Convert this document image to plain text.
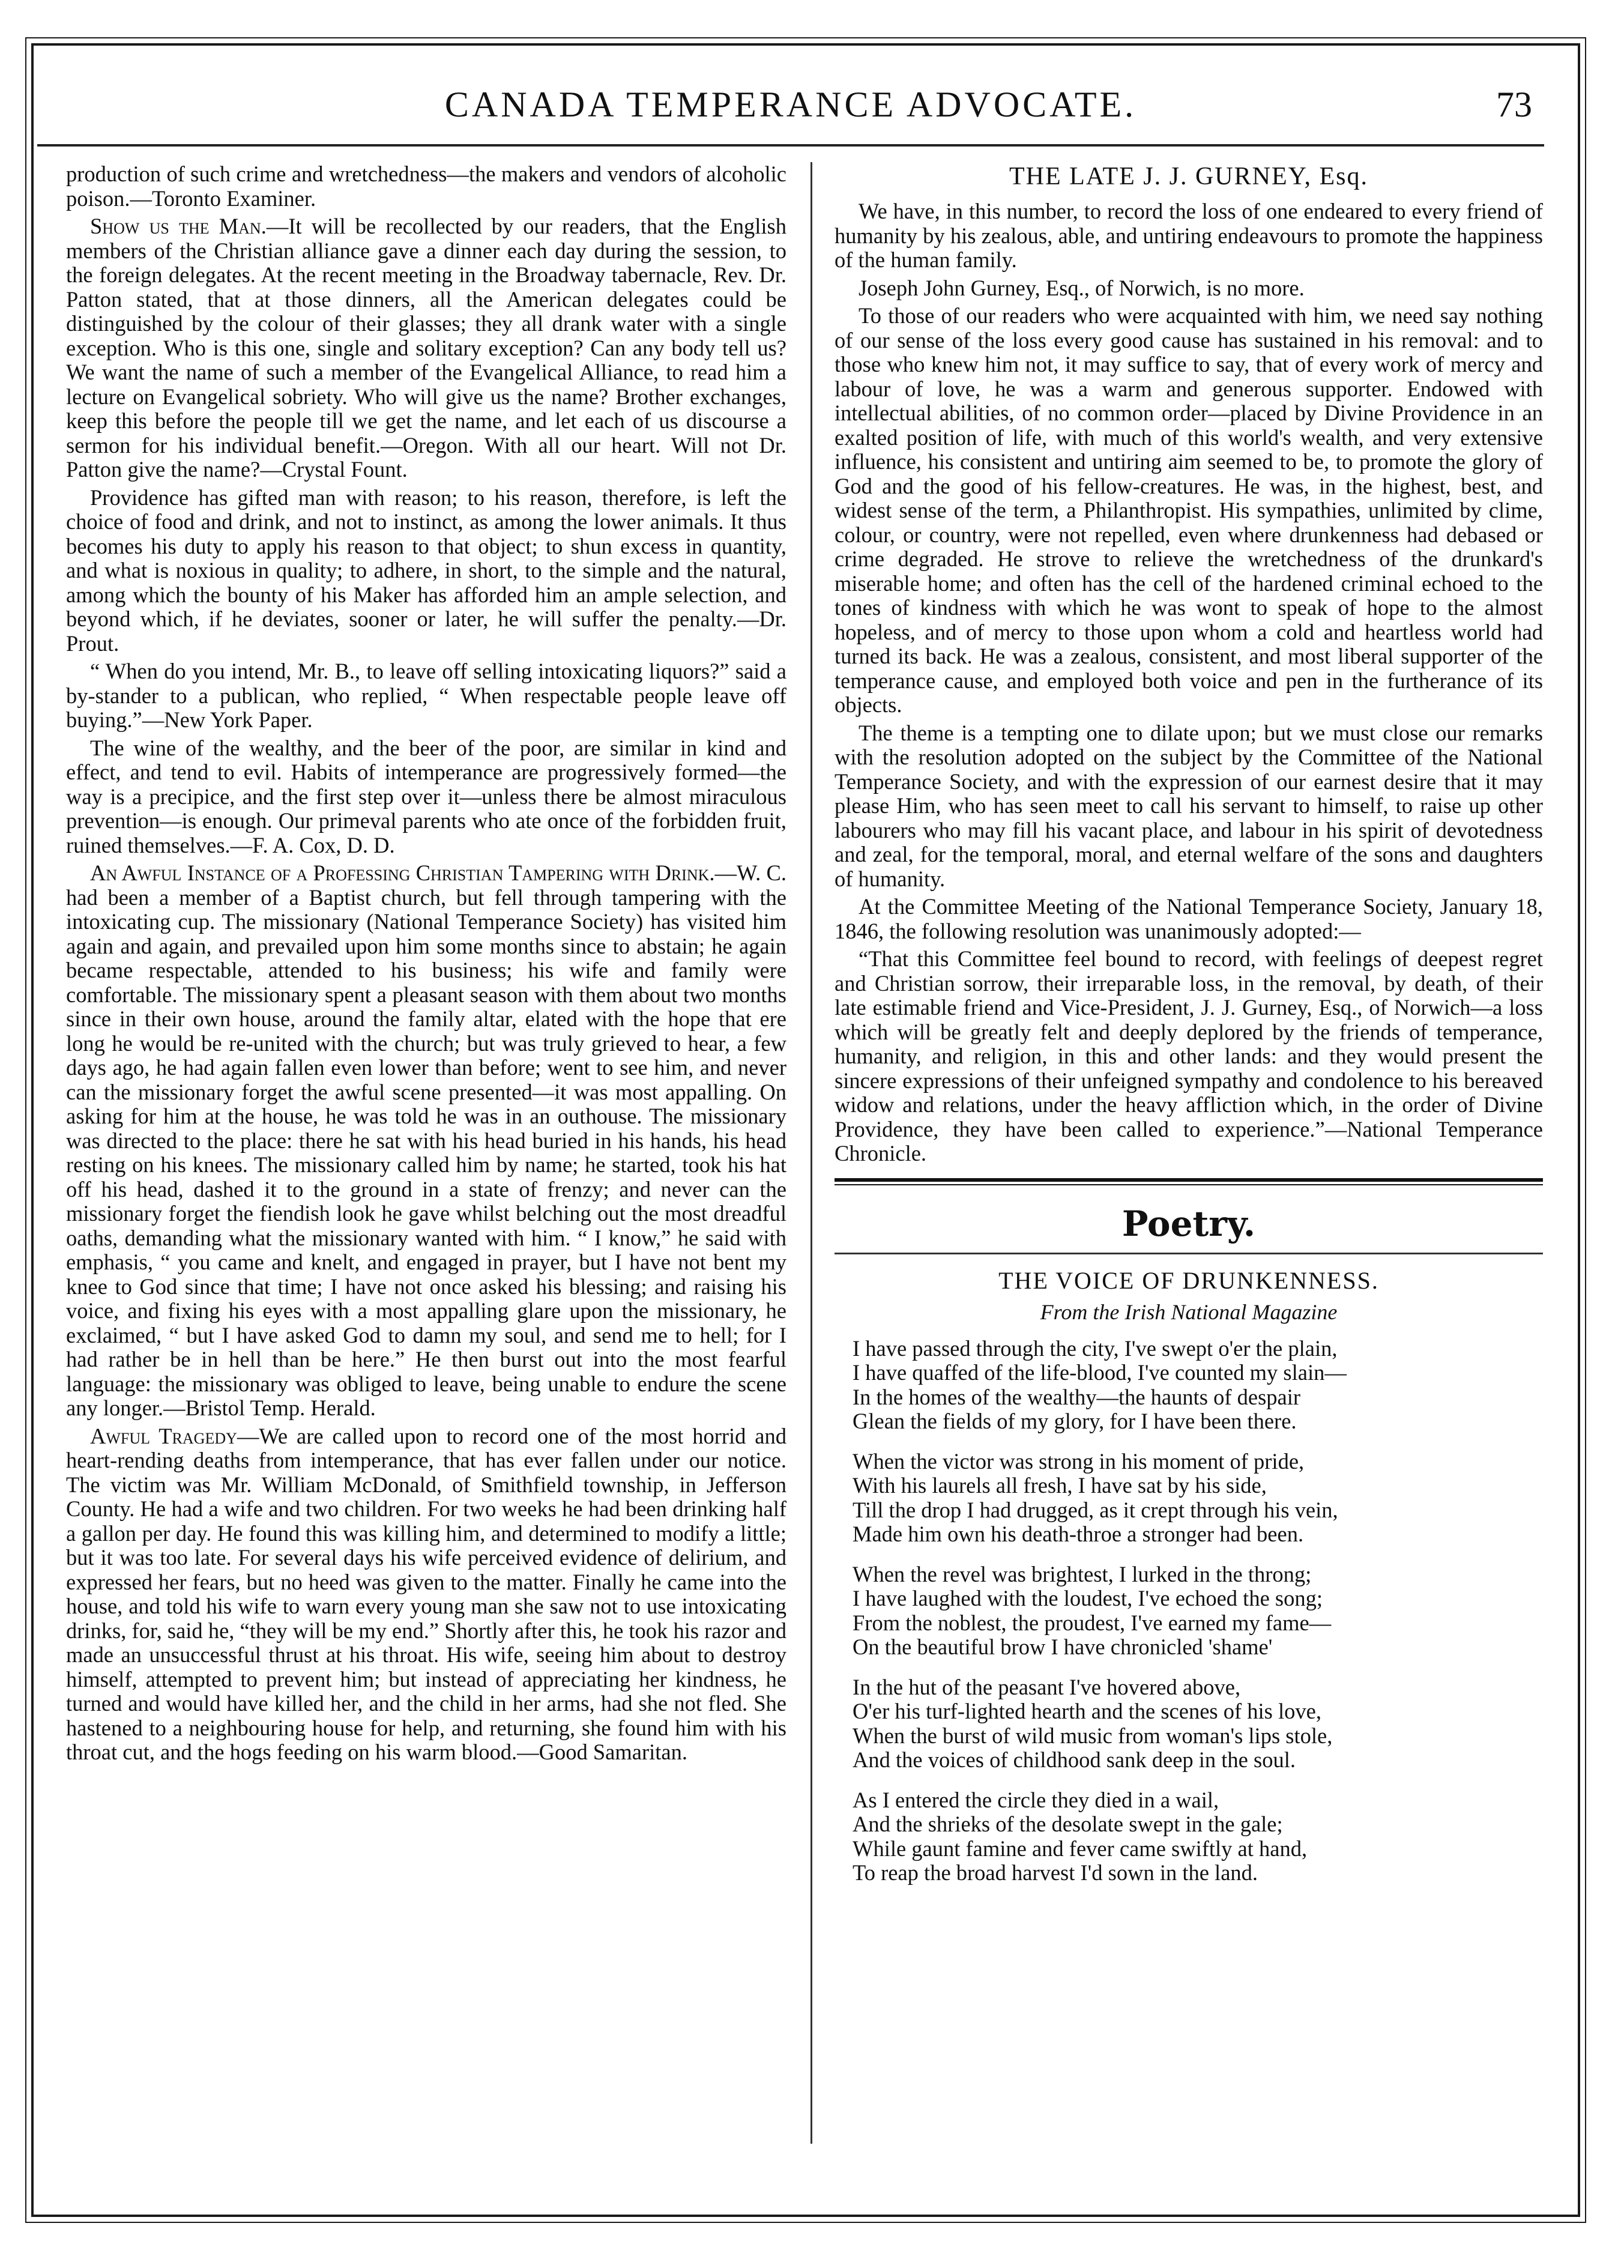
CANADA TEMPERANCE ADVOCATE.	73

production of such crime and wretchedness—the makers and vendors of alcoholic poison.—Toronto Examiner.

Show us the Man.—It will be recollected by our readers, that the English members of the Christian alliance gave a dinner each day during the session, to the foreign delegates. At the recent meeting in the Broadway tabernacle, Rev. Dr. Patton stated, that at those dinners, all the American delegates could be distinguished by the colour of their glasses; they all drank water with a single exception. Who is this one, single and solitary exception? Can any body tell us? We want the name of such a member of the Evangelical Alliance, to read him a lecture on Evangelical sobriety. Who will give us the name? Brother exchanges, keep this before the people till we get the name, and let each of us discourse a sermon for his individual benefit.—Oregon. With all our heart. Will not Dr. Patton give the name?—Crystal Fount.

Providence has gifted man with reason; to his reason, therefore, is left the choice of food and drink, and not to instinct, as among the lower animals. It thus becomes his duty to apply his reason to that object; to shun excess in quantity, and what is noxious in quality; to adhere, in short, to the simple and the natural, among which the bounty of his Maker has afforded him an ample selection, and beyond which, if he deviates, sooner or later, he will suffer the penalty.—Dr. Prout.

“ When do you intend, Mr. B., to leave off selling intoxicating liquors?” said a by-stander to a publican, who replied, “ When respectable people leave off buying.”—New York Paper.

The wine of the wealthy, and the beer of the poor, are similar in kind and effect, and tend to evil. Habits of intemperance are progressively formed—the way is a precipice, and the first step over it—unless there be almost miraculous prevention—is enough. Our primeval parents who ate once of the forbidden fruit, ruined themselves.—F. A. Cox, D. D.

An Awful Instance of a Professing Christian Tampering with Drink.—W. C. had been a member of a Baptist church, but fell through tampering with the intoxicating cup. The missionary (National Temperance Society) has visited him again and again, and prevailed upon him some months since to abstain; he again became respectable, attended to his business; his wife and family were comfortable. The missionary spent a pleasant season with them about two months since in their own house, around the family altar, elated with the hope that ere long he would be re-united with the church; but was truly grieved to hear, a few days ago, he had again fallen even lower than before; went to see him, and never can the missionary forget the awful scene presented—it was most appalling. On asking for him at the house, he was told he was in an outhouse. The missionary was directed to the place: there he sat with his head buried in his hands, his head resting on his knees. The missionary called him by name; he started, took his hat off his head, dashed it to the ground in a state of frenzy; and never can the missionary forget the fiendish look he gave whilst belching out the most dreadful oaths, demanding what the missionary wanted with him. “ I know,” he said with emphasis, “ you came and knelt, and engaged in prayer, but I have not bent my knee to God since that time; I have not once asked his blessing; and raising his voice, and fixing his eyes with a most appalling glare upon the missionary, he exclaimed, “ but I have asked God to damn my soul, and send me to hell; for I had rather be in hell than be here.” He then burst out into the most fearful language: the missionary was obliged to leave, being unable to endure the scene any longer.—Bristol Temp. Herald.

Awful Tragedy—We are called upon to record one of the most horrid and heart-rending deaths from intemperance, that has ever fallen under our notice. The victim was Mr. William McDonald, of Smithfield township, in Jefferson County. He had a wife and two children. For two weeks he had been drinking half a gallon per day. He found this was killing him, and determined to modify a little; but it was too late. For several days his wife perceived evidence of delirium, and expressed her fears, but no heed was given to the matter. Finally he came into the house, and told his wife to warn every young man she saw not to use intoxicating drinks, for, said he, “they will be my end.” Shortly after this, he took his razor and made an unsuccessful thrust at his throat. His wife, seeing him about to destroy himself, attempted to prevent him; but instead of appreciating her kindness, he turned and would have killed her, and the child in her arms, had she not fled. She hastened to a neighbouring house for help, and returning, she found him with his throat cut, and the hogs feeding on his warm blood.—Good Samaritan.

THE LATE J. J. GURNEY, Esq.

We have, in this number, to record the loss of one endeared to every friend of humanity by his zealous, able, and untiring endeavours to promote the happiness of the human family.

Joseph John Gurney, Esq., of Norwich, is no more.

To those of our readers who were acquainted with him, we need say nothing of our sense of the loss every good cause has sustained in his removal: and to those who knew him not, it may suffice to say, that of every work of mercy and labour of love, he was a warm and generous supporter. Endowed with intellectual abilities, of no common order—placed by Divine Providence in an exalted position of life, with much of this world's wealth, and very extensive influence, his consistent and untiring aim seemed to be, to promote the glory of God and the good of his fellow-creatures. He was, in the highest, best, and widest sense of the term, a Philanthropist. His sympathies, unlimited by clime, colour, or country, were not repelled, even where drunkenness had debased or crime degraded. He strove to relieve the wretchedness of the drunkard's miserable home; and often has the cell of the hardened criminal echoed to the tones of kindness with which he was wont to speak of hope to the almost hopeless, and of mercy to those upon whom a cold and heartless world had turned its back. He was a zealous, consistent, and most liberal supporter of the temperance cause, and employed both voice and pen in the furtherance of its objects.

The theme is a tempting one to dilate upon; but we must close our remarks with the resolution adopted on the subject by the Committee of the National Temperance Society, and with the expression of our earnest desire that it may please Him, who has seen meet to call his servant to himself, to raise up other labourers who may fill his vacant place, and labour in his spirit of devotedness and zeal, for the temporal, moral, and eternal welfare of the sons and daughters of humanity.

At the Committee Meeting of the National Temperance Society, January 18, 1846, the following resolution was unanimously adopted:—

“That this Committee feel bound to record, with feelings of deepest regret and Christian sorrow, their irreparable loss, in the removal, by death, of their late estimable friend and Vice-President, J. J. Gurney, Esq., of Norwich—a loss which will be greatly felt and deeply deplored by the friends of temperance, humanity, and religion, in this and other lands: and they would present the sincere expressions of their unfeigned sympathy and condolence to his bereaved widow and relations, under the heavy affliction which, in the order of Divine Providence, they have been called to experience.”—National Temperance Chronicle.

Poetry.
THE VOICE OF DRUNKENNESS.
From the Irish National Magazine
I have passed through the city, I've swept o'er the plain,
I have quaffed of the life-blood, I've counted my slain—
In the homes of the wealthy—the haunts of despair
Glean the fields of my glory, for I have been there.
When the victor was strong in his moment of pride,
With his laurels all fresh, I have sat by his side,
Till the drop I had drugged, as it crept through his vein,
Made him own his death-throe a stronger had been.
When the revel was brightest, I lurked in the throng;
I have laughed with the loudest, I've echoed the song;
From the noblest, the proudest, I've earned my fame—
On the beautiful brow I have chronicled 'shame'
In the hut of the peasant I've hovered above,
O'er his turf-lighted hearth and the scenes of his love,
When the burst of wild music from woman's lips stole,
And the voices of childhood sank deep in the soul.
As I entered the circle they died in a wail,
And the shrieks of the desolate swept in the gale;
While gaunt famine and fever came swiftly at hand,
To reap the broad harvest I'd sown in the land.
